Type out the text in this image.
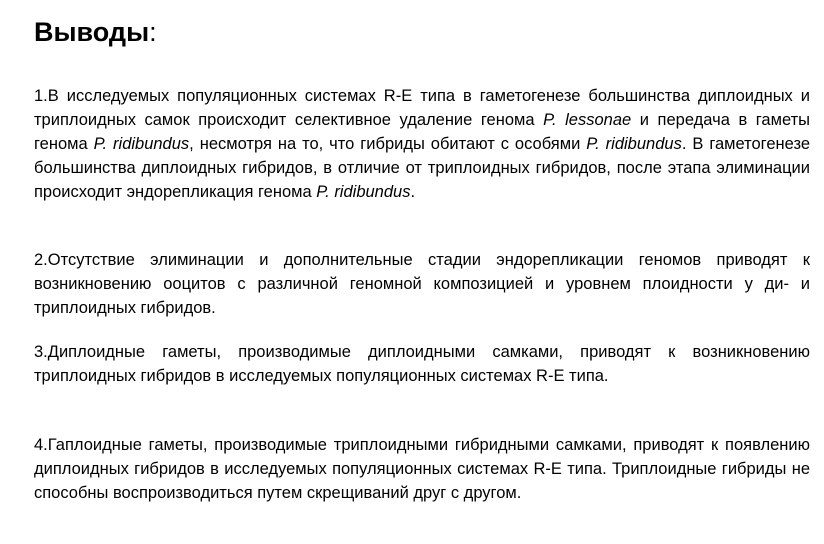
Выводы:

1.В исследуемых популяционных системах R-E типа в гаметогенезе большинства диплоидных и триплоидных самок происходит селективное удаление генома P. lessonae и передача в гаметы генома P. ridibundus, несмотря на то, что гибриды обитают с особями P. ridibundus. В гаметогенезе большинства диплоидных гибридов, в отличие от триплоидных гибридов, после этапа элиминации происходит эндорепликация генома P. ridibundus.

2.Отсутствие элиминации и дополнительные стадии эндорепликации геномов приводят к возникновению ооцитов с различной геномной композицией и уровнем плоидности у ди- и триплоидных гибридов.

3.Диплоидные гаметы, производимые диплоидными самками, приводят к возникновению триплоидных гибридов в исследуемых популяционных системах R-E типа.

4.Гаплоидные гаметы, производимые триплоидными гибридными самками, приводят к появлению диплоидных гибридов в исследуемых популяционных системах R-E типа. Триплоидные гибриды не способны воспроизводиться путем скрещиваний друг с другом.
